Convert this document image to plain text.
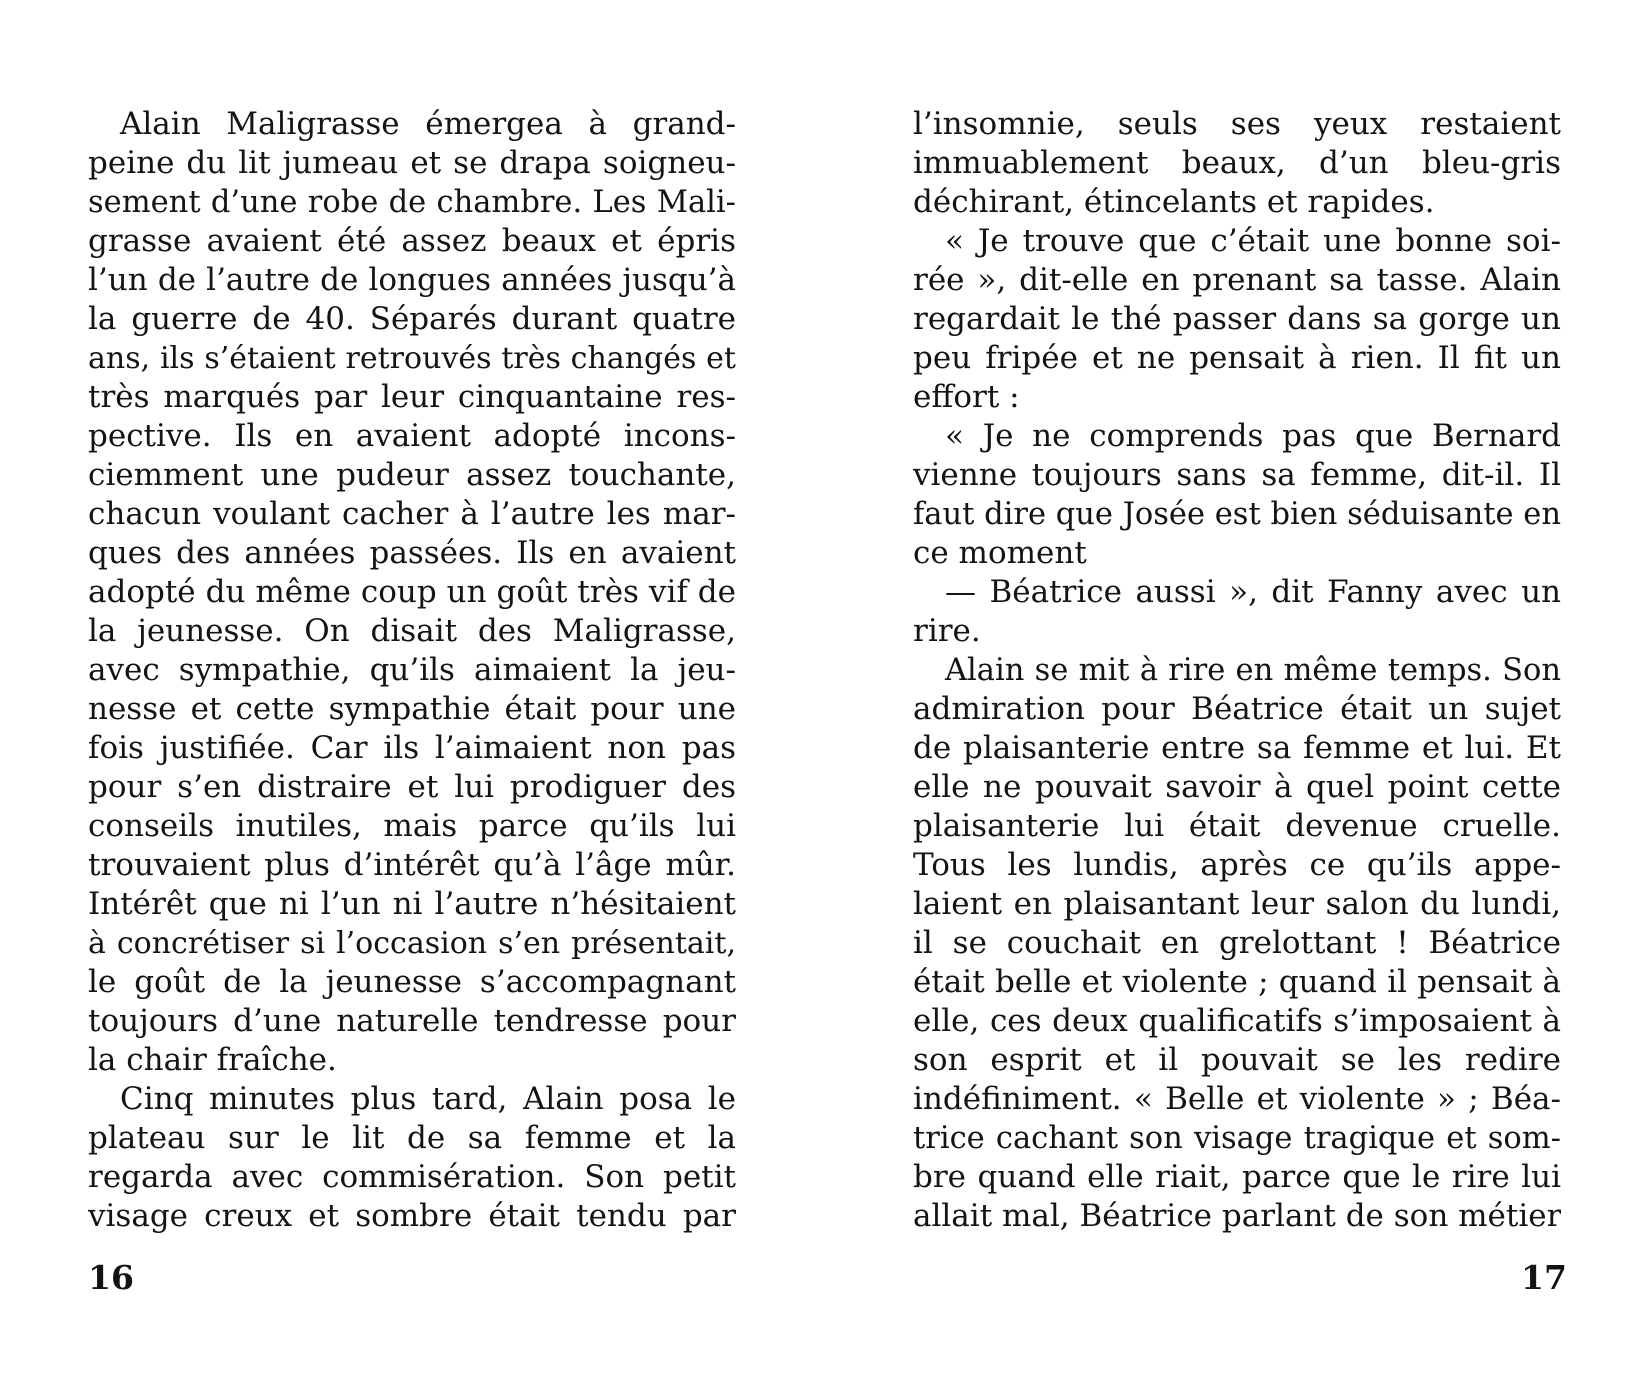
Alain Maligrasse émergea à grand-
peine du lit jumeau et se drapa soigneu-
sement d’une robe de chambre. Les Mali-
grasse avaient été assez beaux et épris
l’un de l’autre de longues années jusqu’à
la guerre de 40. Séparés durant quatre
ans, ils s’étaient retrouvés très changés et
très marqués par leur cinquantaine res-
pective. Ils en avaient adopté incons-
ciemment une pudeur assez touchante,
chacun voulant cacher à l’autre les mar-
ques des années passées. Ils en avaient
adopté du même coup un goût très vif de
la jeunesse. On disait des Maligrasse,
avec sympathie, qu’ils aimaient la jeu-
nesse et cette sympathie était pour une
fois justifiée. Car ils l’aimaient non pas
pour s’en distraire et lui prodiguer des
conseils inutiles, mais parce qu’ils lui
trouvaient plus d’intérêt qu’à l’âge mûr.
Intérêt que ni l’un ni l’autre n’hésitaient
à concrétiser si l’occasion s’en présentait,
le goût de la jeunesse s’accompagnant
toujours d’une naturelle tendresse pour
la chair fraîche.
Cinq minutes plus tard, Alain posa le
plateau sur le lit de sa femme et la
regarda avec commisération. Son petit
visage creux et sombre était tendu par
l’insomnie, seuls ses yeux restaient
immuablement beaux, d’un bleu-gris
déchirant, étincelants et rapides.
« Je trouve que c’était une bonne soi-
rée », dit-elle en prenant sa tasse. Alain
regardait le thé passer dans sa gorge un
peu fripée et ne pensait à rien. Il fit un
effort :
« Je ne comprends pas que Bernard
vienne toujours sans sa femme, dit-il. Il
faut dire que Josée est bien séduisante en
ce moment
— Béatrice aussi », dit Fanny avec un
rire.
Alain se mit à rire en même temps. Son
admiration pour Béatrice était un sujet
de plaisanterie entre sa femme et lui. Et
elle ne pouvait savoir à quel point cette
plaisanterie lui était devenue cruelle.
Tous les lundis, après ce qu’ils appe-
laient en plaisantant leur salon du lundi,
il se couchait en grelottant ! Béatrice
était belle et violente ; quand il pensait à
elle, ces deux qualificatifs s’imposaient à
son esprit et il pouvait se les redire
indéfiniment. « Belle et violente » ; Béa-
trice cachant son visage tragique et som-
bre quand elle riait, parce que le rire lui
allait mal, Béatrice parlant de son métier
16	17
